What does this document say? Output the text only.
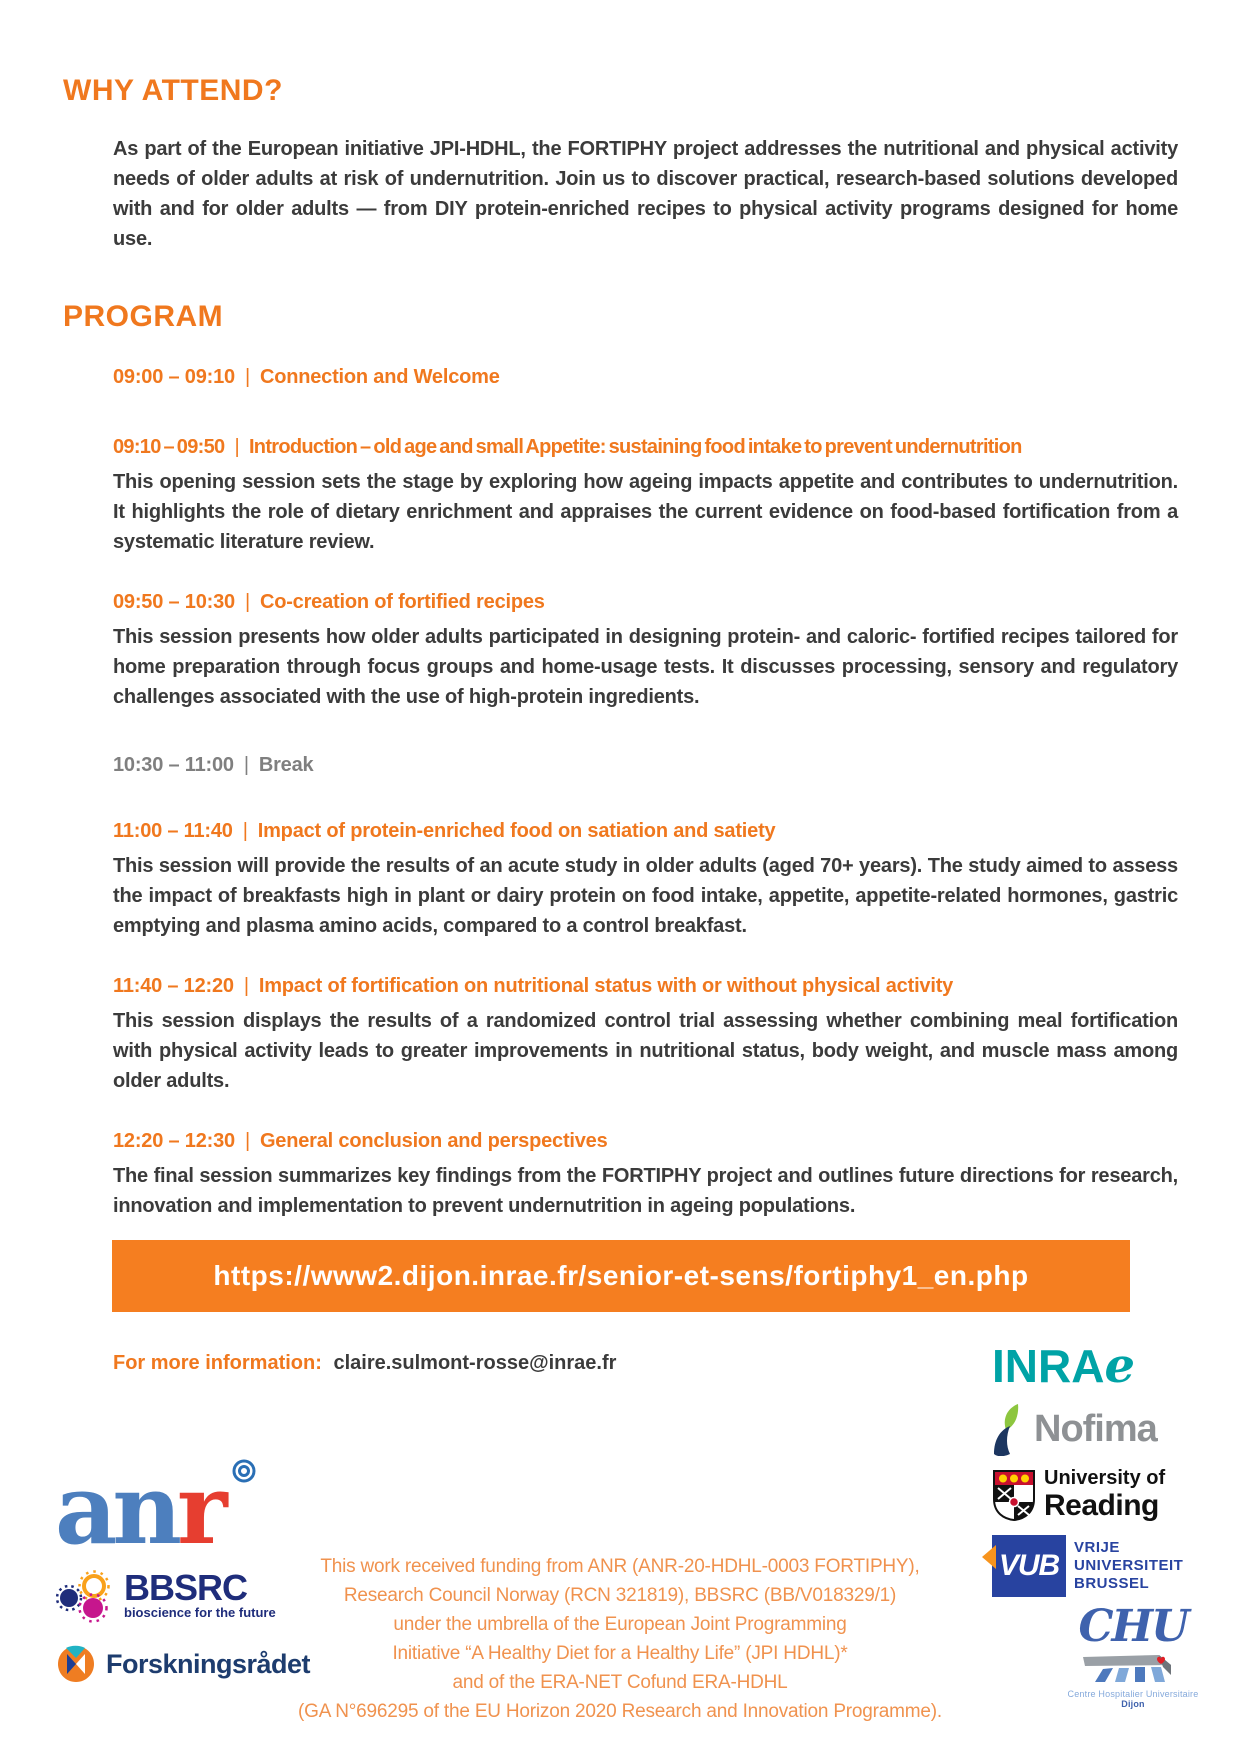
WHY ATTEND?

As part of the European initiative JPI-HDHL, the FORTIPHY project addresses the nutritional and physical activity needs of older adults at risk of undernutrition. Join us to discover practical, research-based solutions developed with and for older adults — from DIY protein-enriched recipes to physical activity programs designed for home use.

PROGRAM
09:00 – 09:10 | Connection and Welcome
09:10 – 09:50 | Introduction – old age and small Appetite: sustaining food intake to prevent undernutrition

This opening session sets the stage by exploring how ageing impacts appetite and contributes to undernutrition. It highlights the role of dietary enrichment and appraises the current evidence on food-based fortification from a systematic literature review.

09:50 – 10:30 | Co-creation of fortified recipes

This session presents how older adults participated in designing protein- and caloric- fortified recipes tailored for home preparation through focus groups and home-usage tests. It discusses processing, sensory and regulatory challenges associated with the use of high-protein ingredients.

10:30 – 11:00 | Break
11:00 – 11:40 | Impact of protein-enriched food on satiation and satiety

This session will provide the results of an acute study in older adults (aged 70+ years). The study aimed to assess the impact of breakfasts high in plant or dairy protein on food intake, appetite, appetite-related hormones, gastric emptying and plasma amino acids, compared to a control breakfast.

11:40 – 12:20 | Impact of fortification on nutritional status with or without physical activity

This session displays the results of a randomized control trial assessing whether combining meal fortification with physical activity leads to greater improvements in nutritional status, body weight, and muscle mass among older adults.

12:20 – 12:30 | General conclusion and perspectives

The final session summarizes key findings from the FORTIPHY project and outlines future directions for research, innovation and implementation to prevent undernutrition in ageing populations.

https://www2.dijon.inrae.fr/senior-et-sens/fortiphy1_en.php
For more information: claire.sulmont-rosse@inrae.fr
This work received funding from ANR (ANR-20-HDHL-0003 FORTIPHY),
Research Council Norway (RCN 321819), BBSRC (BB/V018329/1)
under the umbrella of the European Joint Programming
Initiative “A Healthy Diet for a Healthy Life” (JPI HDHL)*
and of the ERA-NET Cofund ERA-HDHL
(GA N°696295 of the EU Horizon 2020 Research and Innovation Programme).
INRAe
Nofima
University of
Reading
VUB
VRIJE
UNIVERSITEIT
BRUSSEL
CHU
Centre Hospitalier Universitaire Dijon
anr
BBSRC
bioscience for the future
Forskningsrådet
